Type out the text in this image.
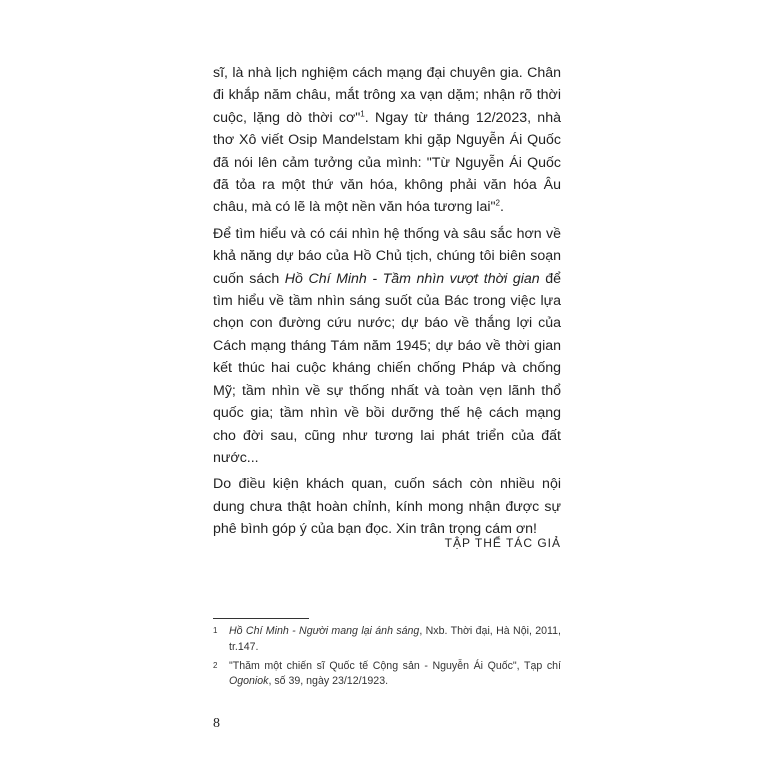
sĩ, là nhà lịch nghiệm cách mạng đại chuyên gia. Chân đi khắp năm châu, mắt trông xa vạn dặm; nhận rõ thời cuộc, lặng dò thời cơ"$^1$. Ngay từ tháng 12/2023, nhà thơ Xô viết Osip Mandelstam khi gặp Nguyễn Ái Quốc đã nói lên cảm tưởng của mình: "Từ Nguyễn Ái Quốc đã tỏa ra một thứ văn hóa, không phải văn hóa Âu châu, mà có lẽ là một nền văn hóa tương lai"$^2$.

Để tìm hiểu và có cái nhìn hệ thống và sâu sắc hơn về khả năng dự báo của Hồ Chủ tịch, chúng tôi biên soạn cuốn sách Hồ Chí Minh - Tầm nhìn vượt thời gian để tìm hiểu về tầm nhìn sáng suốt của Bác trong việc lựa chọn con đường cứu nước; dự báo về thắng lợi của Cách mạng tháng Tám năm 1945; dự báo về thời gian kết thúc hai cuộc kháng chiến chống Pháp và chống Mỹ; tầm nhìn về sự thống nhất và toàn vẹn lãnh thổ quốc gia; tầm nhìn về bồi dưỡng thế hệ cách mạng cho đời sau, cũng như tương lai phát triển của đất nước...

Do điều kiện khách quan, cuốn sách còn nhiều nội dung chưa thật hoàn chỉnh, kính mong nhận được sự phê bình góp ý của bạn đọc. Xin trân trọng cám ơn!

TẬP THỂ TÁC GIẢ
1 Hồ Chí Minh - Người mang lại ánh sáng, Nxb. Thời đại, Hà Nội, 2011, tr.147.
2 "Thăm một chiến sĩ Quốc tế Cộng sản - Nguyễn Ái Quốc", Tạp chí Ogoniok, số 39, ngày 23/12/1923.
8
